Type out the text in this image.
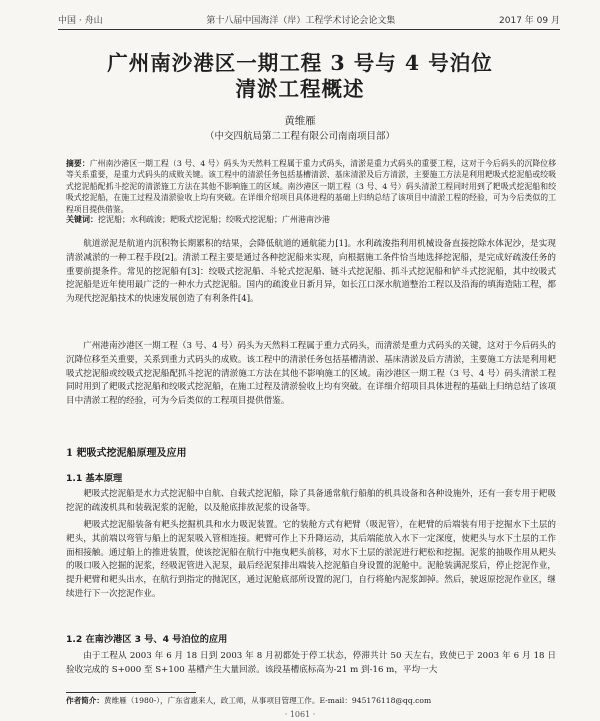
中国 · 舟山	第十八届中国海洋（岸）工程学术讨论会论文集	2017 年 09 月
广州南沙港区一期工程 3 号与 4 号泊位
清淤工程概述
黄维雁
（中交四航局第二工程有限公司南南项目部）
摘要：广州南沙港区一期工程（3 号、4 号）码头为天然料工程属于重力式码头，清淤是重力式码头的重要工程，这对于今后码头的沉降位移等关系重要，是重力式码头的成败关键。该工程中的清淤任务包括基槽清淤、基床清淤及后方清淤，主要施工方法是利用耙吸式挖泥船或绞吸式挖泥船配抓斗挖泥的清淤施工方法在其他不影响施工的区域。南沙港区一期工程（3 号、4 号）码头清淤工程同时用到了耙吸式挖泥船和绞吸式挖泥船，在施工过程及清淤验收上均有突破。在详细介绍项目具体进程的基础上归纳总结了该项目中清淤工程的经验，可为今后类似的工程项目提供借鉴。
关键词：挖泥船；水利疏浚；耙吸式挖泥船；绞吸式挖泥船；广州港南沙港

航道淤泥是航道内沉积物长期累积的结果，会降低航道的通航能力[1]。水利疏浚指利用机械设备直接挖除水体泥沙，是实现清淤减淤的一种工程手段[2]。清淤工程主要是通过各种挖泥船来实现，向根据施工条件恰当地选择挖泥船，是完成好疏浚任务的重要前提条件。常见的挖泥船有[3]：绞吸式挖泥船、斗轮式挖泥船、链斗式挖泥船、抓斗式挖泥船和铲斗式挖泥船，其中绞吸式挖泥船是近年使用最广泛的一种水力式挖泥船。国内的疏浚业日新月异，如长江口深水航道整治工程以及沿海的填海造陆工程，都为现代挖泥船技术的快速发展创造了有利条件[4]。

广州港南沙港区一期工程（3 号、4 号）码头为天然料工程属于重力式码头，而清淤是重力式码头的关键，这对于今后码头的沉降位移至关重要，关系到重力式码头的成败。该工程中的清淤任务包括基槽清淤、基床清淤及后方清淤，主要施工方法是利用耙吸式挖泥船或绞吸式挖泥船配抓斗挖泥的清淤施工方法在其他不影响施工的区域。南沙港区一期工程（3 号、4 号）码头清淤工程同时用到了耙吸式挖泥船和绞吸式挖泥船，在施工过程及清淤验收上均有突破。在详细介绍项目具体进程的基础上归纳总结了该项目中清淤工程的经验，可为今后类似的工程项目提供借鉴。

1 耙吸式挖泥船原理及应用
1.1 基本原理

耙吸式挖泥船是水力式挖泥船中自航、自载式挖泥船，除了具备通常航行船舶的机具设备和各种设施外，还有一套专用于耙吸挖泥的疏浚机具和装载泥浆的泥舱，以及舱底排放泥浆的设备等。

耙吸式挖泥船装备有耙头挖掘机具和水力吸泥装置。它的装舱方式有耙臂（吸泥管），在耙臂的后端装有用于挖掘水下土层的耙头，其前端以弯管与船上的泥泵吸入管相连接。耙臂可作上下升降运动，其后端能放入水下一定深度，使耙头与水下土层的工作面相接触。通过船上的推进装置，使该挖泥船在航行中拖曳耙头前移，对水下土层的淤泥进行耙松和挖掘。泥浆的抽吸作用从耙头的吸口吸入挖掘的泥浆，经吸泥管进入泥泵，最后经泥泵排出端装入挖泥船自身设置的泥舱中。泥舱装满泥浆后，停止挖泥作业，提升耙臂和耙头出水，在航行到指定的抛泥区，通过泥舱底部所设置的泥门，自行将舱内泥浆卸掉。然后，驶返原挖泥作业区，继续进行下一次挖泥作业。

1.2 在南沙港区 3 号、4 号泊位的应用

由于工程从 2003 年 6 月 18 日到 2003 年 8 月初都处于停工状态，停滞共计 50 天左右，致使已于 2003 年 6 月 18 日验收完成的 S+000 至 S+100 基槽产生大量回淤。该段基槽底标高为-21 m 到-16 m，平均一大

作者简介：黄维雁（1980-），广东省惠来人，政工师，从事项目管理工作。E-mail：945176118@qq.com
· 1061 ·
